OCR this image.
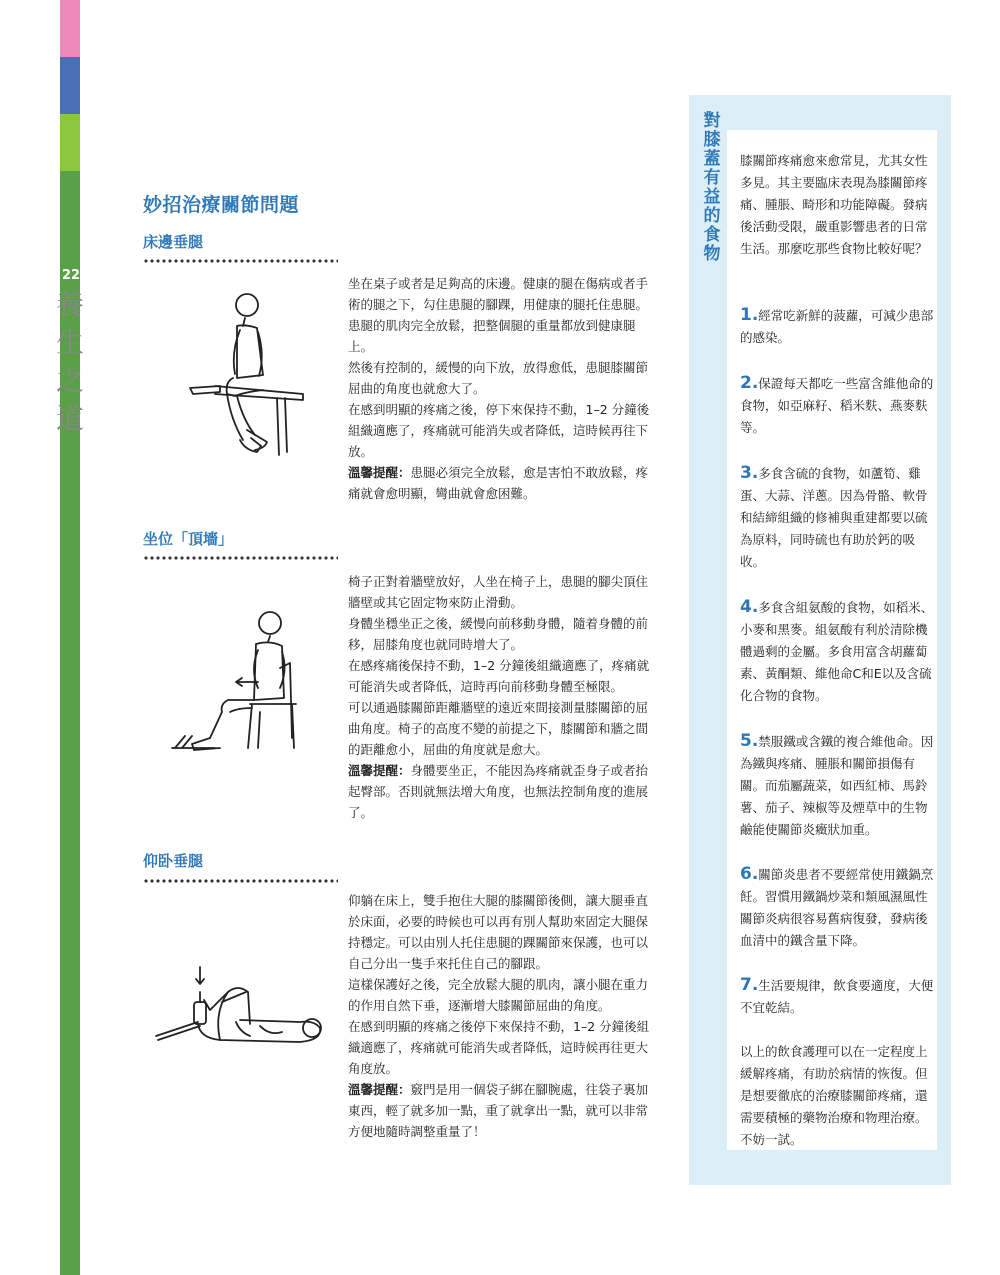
22
養
生
之
道
妙招治療關節問題
床邊垂腿

坐在桌子或者是足夠高的床邊。健康的腿在傷病或者手術的腿之下，勾住患腿的腳踝，用健康的腿托住患腿。患腿的肌肉完全放鬆，把整個腿的重量都放到健康腿上。

然後有控制的，緩慢的向下放，放得愈低，患腿膝關節屈曲的角度也就愈大了。

在感到明顯的疼痛之後，停下來保持不動，1–2 分鐘後組織適應了，疼痛就可能消失或者降低，這時候再往下放。

溫馨提醒：患腿必須完全放鬆，愈是害怕不敢放鬆，疼痛就會愈明顯，彎曲就會愈困難。

坐位「頂墻」

椅子正對着牆壁放好，人坐在椅子上，患腿的腳尖頂住牆壁或其它固定物來防止滑動。

身體坐穩坐正之後，緩慢向前移動身體，隨着身體的前移，屈膝角度也就同時增大了。

在感疼痛後保持不動，1–2 分鐘後組織適應了，疼痛就可能消失或者降低，這時再向前移動身體至極限。

可以通過膝關節距離牆壁的遠近來間接測量膝關節的屈曲角度。椅子的高度不變的前提之下，膝關節和牆之間的距離愈小，屈曲的角度就是愈大。

溫馨提醒：身體要坐正，不能因為疼痛就歪身子或者抬起臀部。否則就無法增大角度，也無法控制角度的進展了。

仰卧垂腿

仰躺在床上，雙手抱住大腿的膝關節後側，讓大腿垂直於床面，必要的時候也可以再有別人幫助來固定大腿保持穩定。可以由別人托住患腿的踝關節來保護，也可以自己分出一隻手來托住自己的腳跟。

這樣保護好之後，完全放鬆大腿的肌肉，讓小腿在重力的作用自然下垂，逐漸增大膝關節屈曲的角度。

在感到明顯的疼痛之後停下來保持不動，1–2 分鐘後組織適應了，疼痛就可能消失或者降低，這時候再往更大角度放。

溫馨提醒：竅門是用一個袋子綁在腳腕處，往袋子裏加東西，輕了就多加一點，重了就拿出一點，就可以非常方便地隨時調整重量了！

對
膝
蓋
有
益
的
食
物

膝關節疼痛愈來愈常見，尤其女性多見。其主要臨床表現為膝關節疼痛、腫脹、畸形和功能障礙。發病後活動受限，嚴重影響患者的日常生活。那麼吃那些食物比較好呢？

1.經常吃新鮮的菠蘿，可減少患部的感染。

2.保證每天都吃一些富含維他命的食物，如亞麻籽、稻米麩、燕麥麩等。

3.多食含硫的食物，如蘆筍、雞蛋、大蒜、洋蔥。因為骨骼、軟骨和結締組織的修補與重建都要以硫為原料，同時硫也有助於鈣的吸收。

4.多食含組氨酸的食物，如稻米、小麥和黑麥。組氨酸有利於清除機體過剩的金屬。多食用富含胡蘿蔔素、黃酮類、維他命C和E以及含硫化合物的食物。

5.禁服鐵或含鐵的複合維他命。因為鐵與疼痛、腫脹和關節損傷有關。而茄屬蔬菜，如西紅柿、馬鈴薯、茄子、辣椒等及煙草中的生物鹼能使關節炎癥狀加重。

6.關節炎患者不要經常使用鐵鍋烹飪。習慣用鐵鍋炒菜和類風濕風性關節炎病很容易舊病復發，發病後血清中的鐵含量下降。

7.生活要規律，飲食要適度，大便不宜乾結。

以上的飲食護理可以在一定程度上緩解疼痛，有助於病情的恢復。但是想要徹底的治療膝關節疼痛，還需要積極的藥物治療和物理治療。不妨一試。
